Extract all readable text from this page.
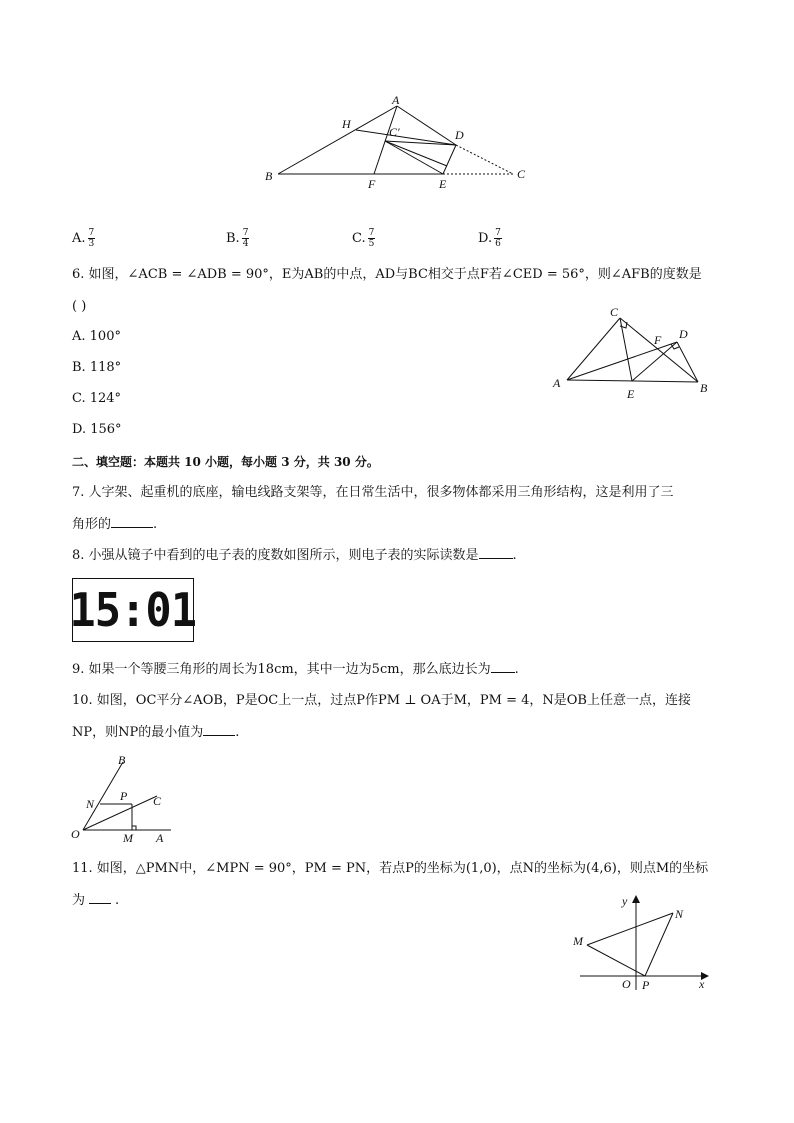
A
H
C′	D
B
F	E
C
A. $\frac{7}{3}$	B. $\frac{7}{4}$	C. $\frac{7}{5}$	D. $\frac{7}{6}$
6. 如图，∠ACB = ∠ADB = 90°，E为AB的中点，AD与BC相交于点F若∠CED = 56°，则∠AFB的度数是
( )
A. 100°
B. 118°
C. 124°
D. 156°
C
D
F
A
E	B
二、填空题：本题共 10 小题，每小题 3 分，共 30 分。
7. 人字架、起重机的底座，输电线路支架等，在日常生活中，很多物体都采用三角形结构，这是利用了三
角形的	.
8. 小强从镜子中看到的电子表的度数如图所示，则电子表的实际读数是	.
15:01
9. 如果一个等腰三角形的周长为18cm，其中一边为5cm，那么底边长为 .
10. 如图，OC平分∠AOB，P是OC上一点，过点P作PM ⊥ OA于M，PM = 4，N是OB上任意一点，连接
NP，则NP的最小值为 .
B
N
P C
O	M A
11. 如图，△PMN中，∠MPN = 90°，PM = PN，若点P的坐标为(1,0)，点N的坐标为(4,6)，则点M的坐标
为 .	y
N
M
O P	x
